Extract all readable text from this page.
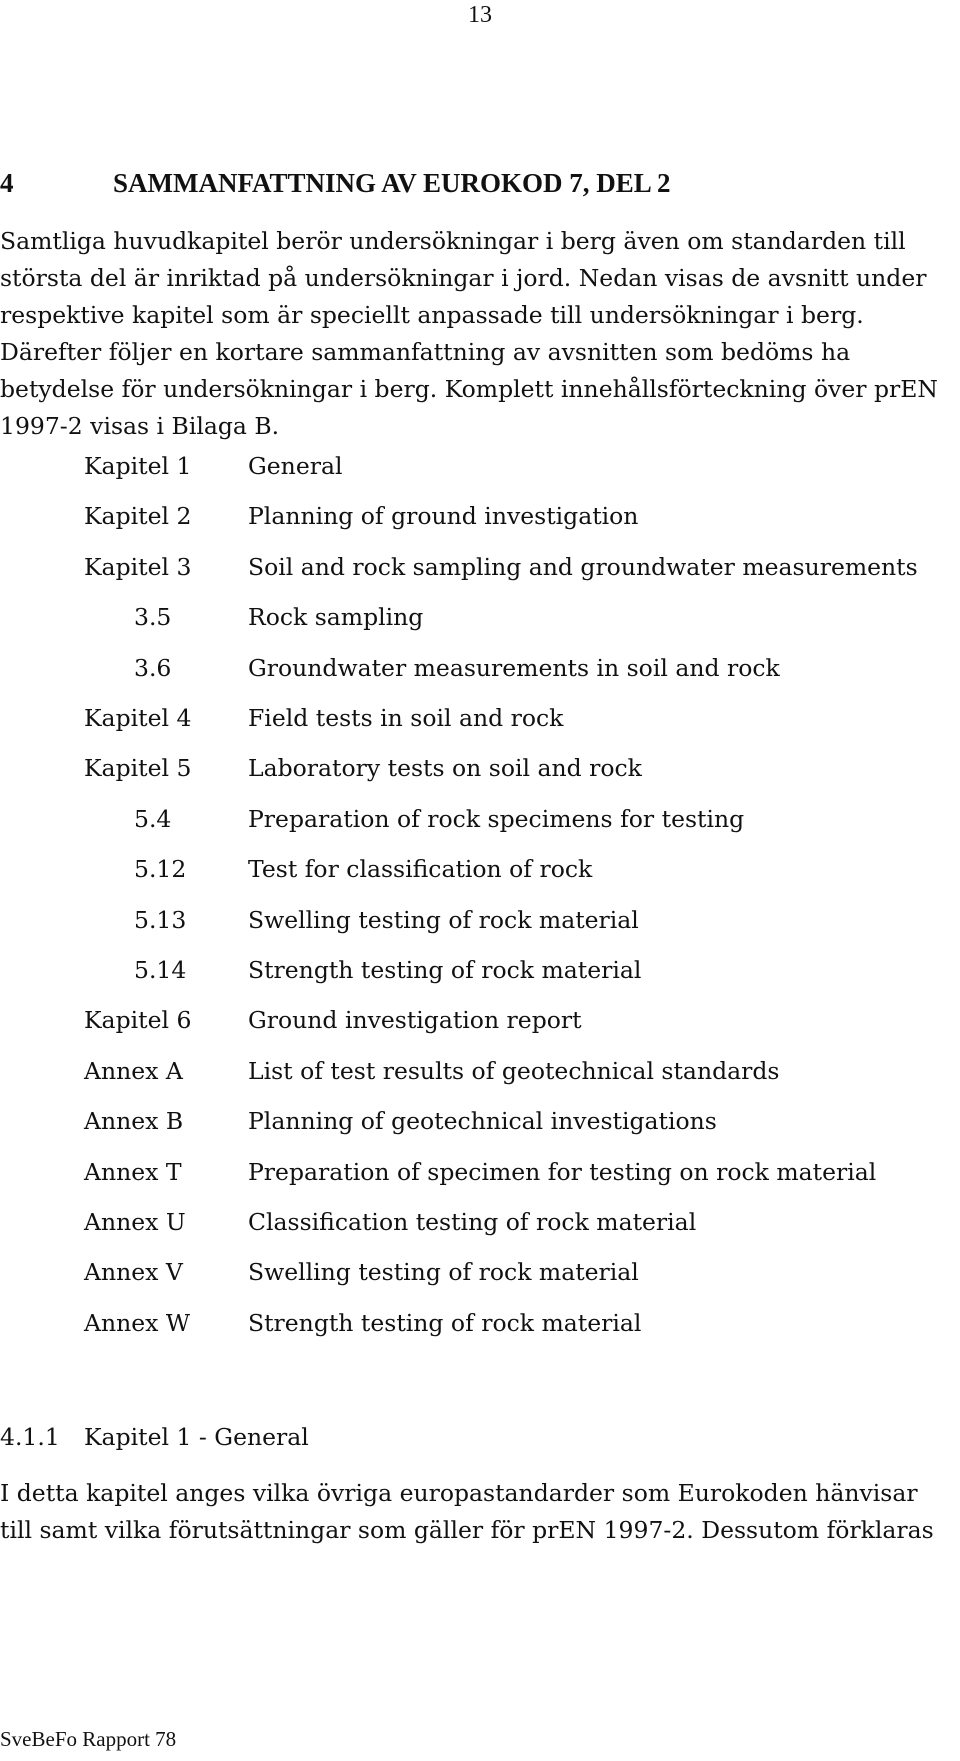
13
4	SAMMANFATTNING AV EUROKOD 7, DEL 2
Samtliga huvudkapitel berör undersökningar i berg även om standarden till
största del är inriktad på undersökningar i jord. Nedan visas de avsnitt under
respektive kapitel som är speciellt anpassade till undersökningar i berg.
Därefter följer en kortare sammanfattning av avsnitten som bedöms ha
betydelse för undersökningar i berg. Komplett innehållsförteckning över prEN
1997-2 visas i Bilaga B.
Kapitel 1 General
Kapitel 2 Planning of ground investigation
Kapitel 3 Soil and rock sampling and groundwater measurements
3.5	Rock sampling
3.6	Groundwater measurements in soil and rock
Kapitel 4 Field tests in soil and rock
Kapitel 5 Laboratory tests on soil and rock
5.4	Preparation of rock specimens for testing
5.12	Test for classification of rock
5.13	Swelling testing of rock material
5.14	Strength testing of rock material
Kapitel 6 Ground investigation report
Annex A	List of test results of geotechnical standards
Annex B	Planning of geotechnical investigations
Annex T	Preparation of specimen for testing on rock material
Annex U	Classification testing of rock material
Annex V	Swelling testing of rock material
Annex W Strength testing of rock material
4.1.1 Kapitel 1 - General
I detta kapitel anges vilka övriga europastandarder som Eurokoden hänvisar
till samt vilka förutsättningar som gäller för prEN 1997-2. Dessutom förklaras
SveBeFo Rapport 78
